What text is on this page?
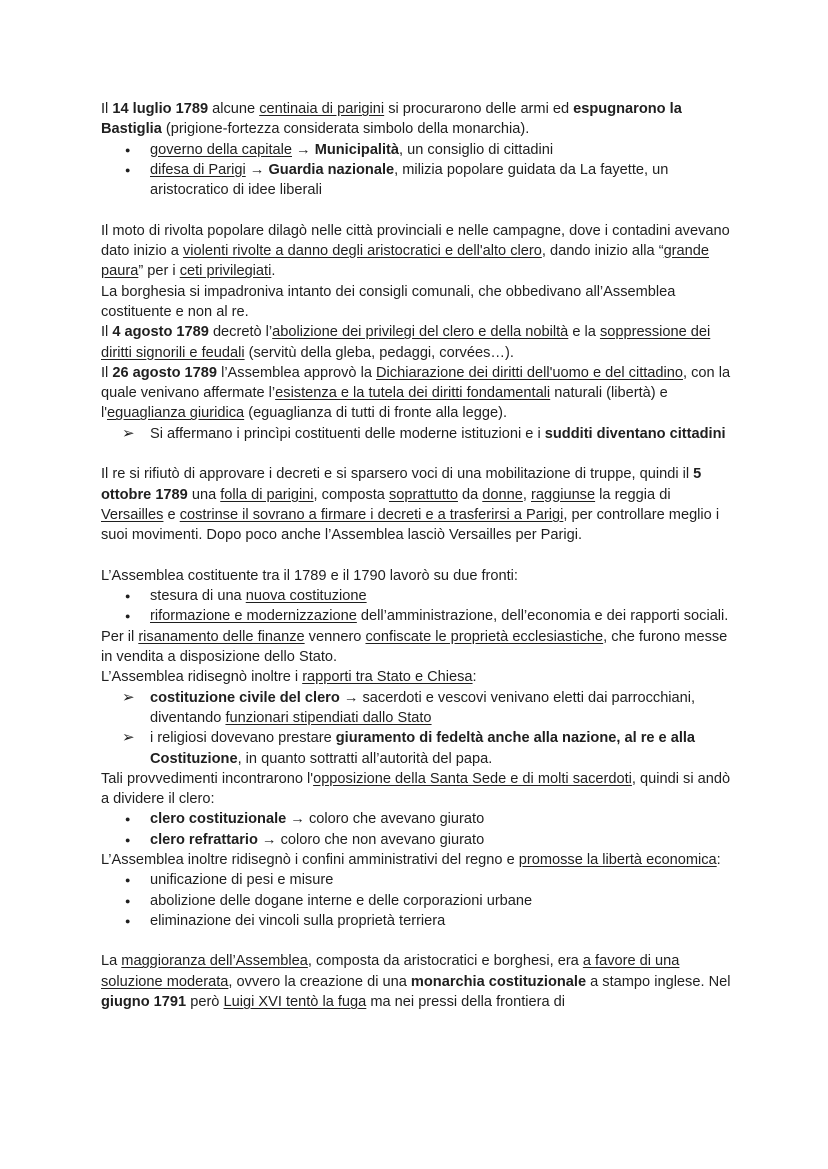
Il 14 luglio 1789 alcune centinaia di parigini si procurarono delle armi ed espugnarono la Bastiglia (prigione-fortezza considerata simbolo della monarchia).

● governo della capitale → Municipalità, un consiglio di cittadini
● difesa di Parigi → Guardia nazionale, milizia popolare guidata da La fayette, un aristocratico di idee liberali

Il moto di rivolta popolare dilagò nelle città provinciali e nelle campagne, dove i contadini avevano dato inizio a violenti rivolte a danno degli aristocratici e dell'alto clero, dando inizio alla “grande paura” per i ceti privilegiati.

La borghesia si impadroniva intanto dei consigli comunali, che obbedivano all’Assemblea costituente e non al re.

Il 4 agosto 1789 decretò l’abolizione dei privilegi del clero e della nobiltà e la soppressione dei diritti signorili e feudali (servitù della gleba, pedaggi, corvées…).

Il 26 agosto 1789 l’Assemblea approvò la Dichiarazione dei diritti dell'uomo e del cittadino, con la quale venivano affermate l’esistenza e la tutela dei diritti fondamentali naturali (libertà) e l'eguaglianza giuridica (eguaglianza di tutti di fronte alla legge).

➢ Si affermano i princìpi costituenti delle moderne istituzioni e i sudditi diventano cittadini

Il re si rifiutò di approvare i decreti e si sparsero voci di una mobilitazione di truppe, quindi il 5 ottobre 1789 una folla di parigini, composta soprattutto da donne, raggiunse la reggia di Versailles e costrinse il sovrano a firmare i decreti e a trasferirsi a Parigi, per controllare meglio i suoi movimenti. Dopo poco anche l’Assemblea lasciò Versailles per Parigi.

L’Assemblea costituente tra il 1789 e il 1790 lavorò su due fronti:

● stesura di una nuova costituzione
● riformazione e modernizzazione dell’amministrazione, dell’economia e dei rapporti sociali.

Per il risanamento delle finanze vennero confiscate le proprietà ecclesiastiche, che furono messe in vendita a disposizione dello Stato.

L’Assemblea ridisegnò inoltre i rapporti tra Stato e Chiesa:

➢ costituzione civile del clero → sacerdoti e vescovi venivano eletti dai parrocchiani, diventando funzionari stipendiati dallo Stato
➢ i religiosi dovevano prestare giuramento di fedeltà anche alla nazione, al re e alla Costituzione, in quanto sottratti all’autorità del papa.

Tali provvedimenti incontrarono l'opposizione della Santa Sede e di molti sacerdoti, quindi si andò a dividere il clero:

● clero costituzionale → coloro che avevano giurato
● clero refrattario → coloro che non avevano giurato

L’Assemblea inoltre ridisegnò i confini amministrativi del regno e promosse la libertà economica:

● unificazione di pesi e misure
● abolizione delle dogane interne e delle corporazioni urbane
● eliminazione dei vincoli sulla proprietà terriera

La maggioranza dell’Assemblea, composta da aristocratici e borghesi, era a favore di una soluzione moderata, ovvero la creazione di una monarchia costituzionale a stampo inglese. Nel giugno 1791 però Luigi XVI tentò la fuga ma nei pressi della frontiera di
